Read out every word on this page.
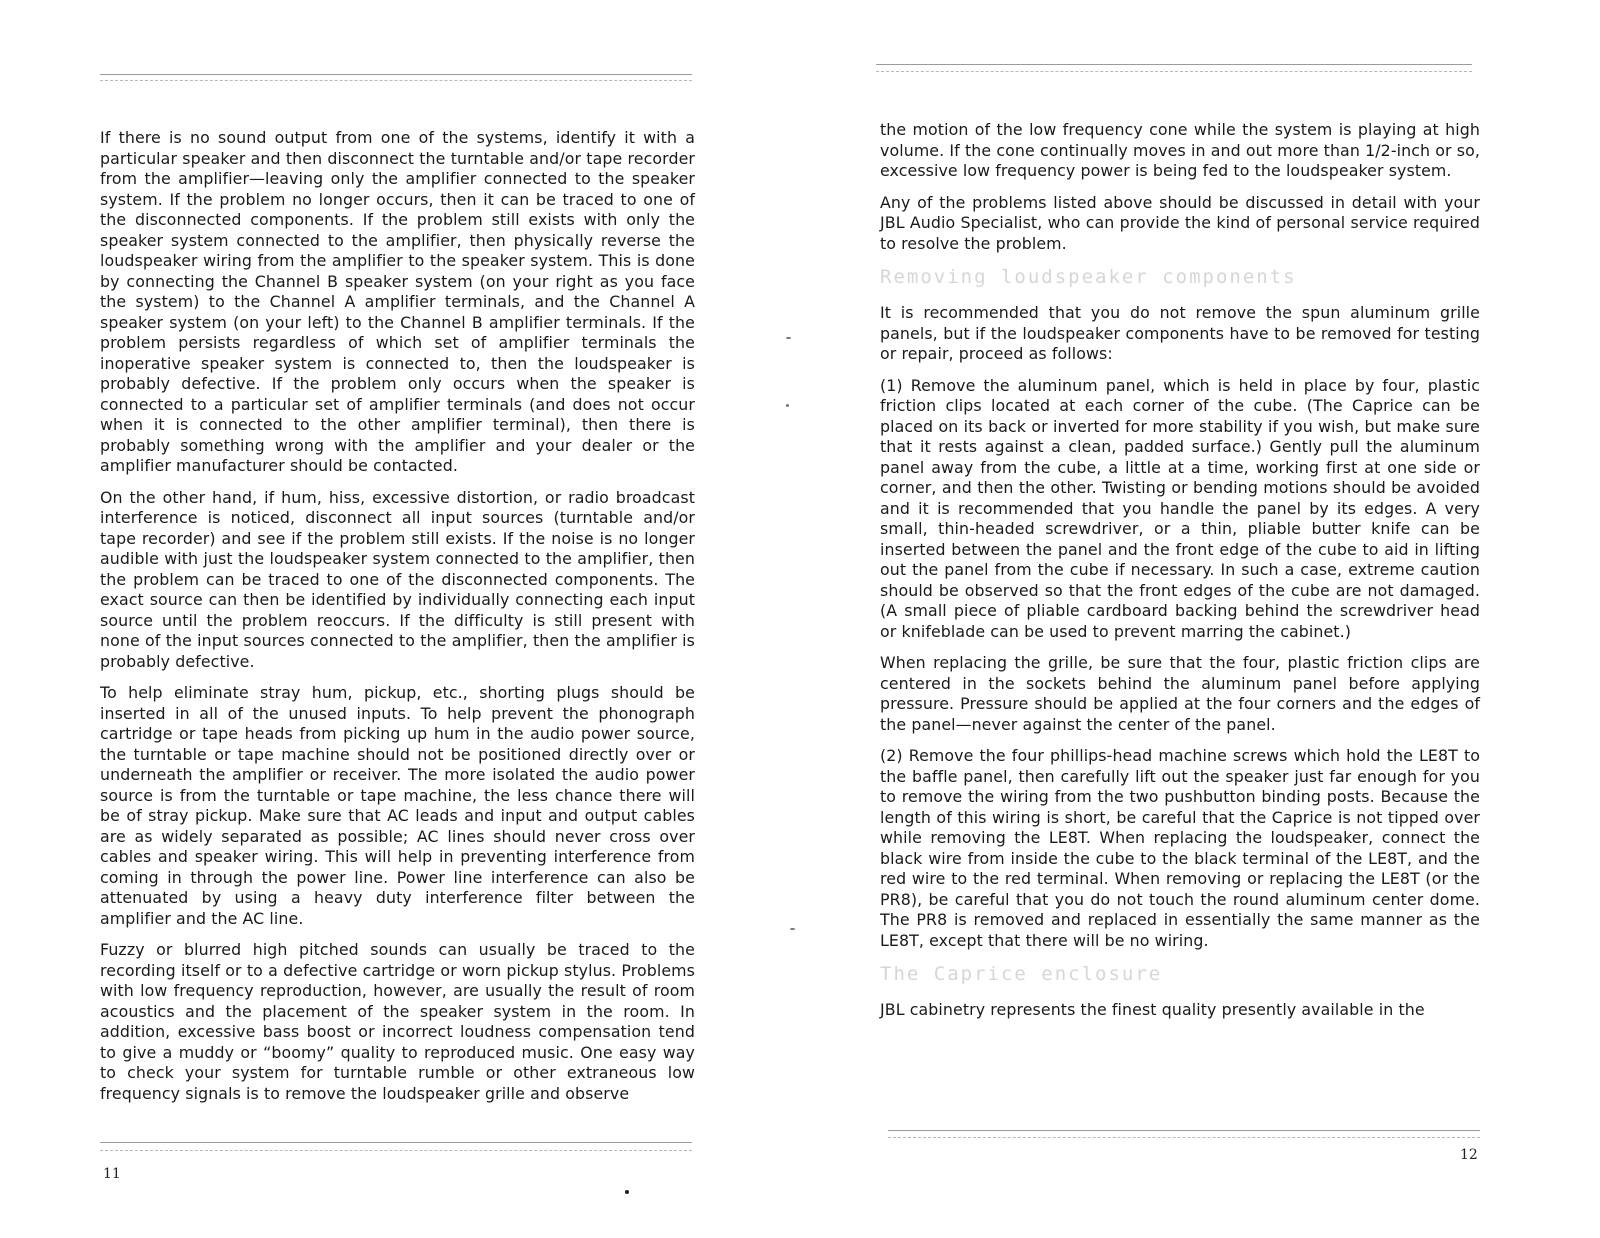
If there is no sound output from one of the systems, identify it with a particular speaker and then disconnect the turntable and/or tape recorder from the amplifier—leaving only the amplifier connected to the speaker system. If the problem no longer occurs, then it can be traced to one of the disconnected components. If the problem still exists with only the speaker system connected to the amplifier, then physically reverse the loudspeaker wiring from the amplifier to the speaker system. This is done by connecting the Channel B speaker system (on your right as you face the system) to the Channel A amplifier terminals, and the Channel A speaker system (on your left) to the Channel B amplifier terminals. If the problem persists regardless of which set of amplifier terminals the inoperative speaker system is connected to, then the loudspeaker is probably defective. If the problem only occurs when the speaker is connected to a particular set of amplifier terminals (and does not occur when it is connected to the other amplifier terminal), then there is probably something wrong with the amplifier and your dealer or the amplifier manufacturer should be contacted.

On the other hand, if hum, hiss, excessive distortion, or radio broadcast interference is noticed, disconnect all input sources (turntable and/or tape recorder) and see if the problem still exists. If the noise is no longer audible with just the loudspeaker system connected to the amplifier, then the problem can be traced to one of the disconnected components. The exact source can then be identified by individually connecting each input source until the problem reoccurs. If the difficulty is still present with none of the input sources connected to the amplifier, then the amplifier is probably defective.

To help eliminate stray hum, pickup, etc., shorting plugs should be inserted in all of the unused inputs. To help prevent the phonograph cartridge or tape heads from picking up hum in the audio power source, the turntable or tape machine should not be positioned directly over or underneath the amplifier or receiver. The more isolated the audio power source is from the turntable or tape machine, the less chance there will be of stray pickup. Make sure that AC leads and input and output cables are as widely separated as possible; AC lines should never cross over cables and speaker wiring. This will help in preventing interference from coming in through the power line. Power line interference can also be attenuated by using a heavy duty interference filter between the amplifier and the AC line.

Fuzzy or blurred high pitched sounds can usually be traced to the recording itself or to a defective cartridge or worn pickup stylus. Problems with low frequency reproduction, however, are usually the result of room acoustics and the placement of the speaker system in the room. In addition, excessive bass boost or incorrect loudness compensation tend to give a muddy or “boomy” quality to reproduced music. One easy way to check your system for turntable rumble or other extraneous low frequency signals is to remove the loudspeaker grille and observe

11

the motion of the low frequency cone while the system is playing at high volume. If the cone continually moves in and out more than 1/2-inch or so, excessive low frequency power is being fed to the loudspeaker system.

Any of the problems listed above should be discussed in detail with your JBL Audio Specialist, who can provide the kind of personal service required to resolve the problem.

Removing loudspeaker components

It is recommended that you do not remove the spun aluminum grille panels, but if the loudspeaker components have to be removed for testing or repair, proceed as follows:

(1) Remove the aluminum panel, which is held in place by four, plastic friction clips located at each corner of the cube. (The Caprice can be placed on its back or inverted for more stability if you wish, but make sure that it rests against a clean, padded surface.) Gently pull the aluminum panel away from the cube, a little at a time, working first at one side or corner, and then the other. Twisting or bending motions should be avoided and it is recommended that you handle the panel by its edges. A very small, thin-headed screwdriver, or a thin, pliable butter knife can be inserted between the panel and the front edge of the cube to aid in lifting out the panel from the cube if necessary. In such a case, extreme caution should be observed so that the front edges of the cube are not damaged. (A small piece of pliable cardboard backing behind the screwdriver head or knifeblade can be used to prevent marring the cabinet.)

When replacing the grille, be sure that the four, plastic friction clips are centered in the sockets behind the aluminum panel before applying pressure. Pressure should be applied at the four corners and the edges of the panel—never against the center of the panel.

(2) Remove the four phillips-head machine screws which hold the LE8T to the baffle panel, then carefully lift out the speaker just far enough for you to remove the wiring from the two pushbutton binding posts. Because the length of this wiring is short, be careful that the Caprice is not tipped over while removing the LE8T. When replacing the loudspeaker, connect the black wire from inside the cube to the black terminal of the LE8T, and the red wire to the red terminal. When removing or replacing the LE8T (or the PR8), be careful that you do not touch the round aluminum center dome. The PR8 is removed and replaced in essentially the same manner as the LE8T, except that there will be no wiring.

The Caprice enclosure

JBL cabinetry represents the finest quality presently available in the

12
